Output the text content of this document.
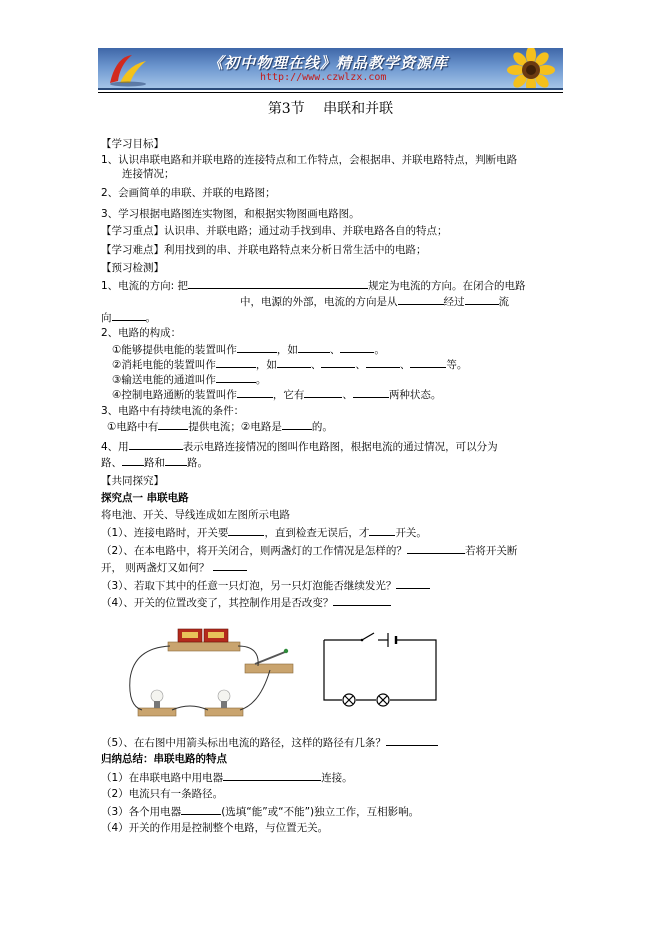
《初中物理在线》精品教学资源库
http://www.czwlzx.com
第3节　 串联和并联
【学习目标】
1、认识串联电路和并联电路的连接特点和工作特点，会根据串、并联电路特点，判断电路
连接情况；
2、会画简单的串联、并联的电路图；
3、学习根据电路图连实物图，和根据实物图画电路图。
【学习重点】认识串、并联电路；通过动手找到串、并联电路各自的特点；
【学习难点】利用找到的串、并联电路特点来分析日常生活中的电路；
【预习检测】
1、电流的方向: 把	规定为电流的方向。在闭合的电路
中，电源的外部，电流的方向是从	经过	流
向	。
2、电路的构成：
①能够提供电能的装置叫作	，如	、	。
②消耗电能的装置叫作	，如	、	、	、	等。
③输送电能的通道叫作	。
④控制电路通断的装置叫作	，它有	、	两种状态。
3、电路中有持续电流的条件：
①电路中有	提供电流；②电路是	的。
4、用	表示电路连接情况的图叫作电路图，根据电流的通过情况，可以分为
路、 路和 路。
【共同探究】
探究点一 串联电路
将电池、开关、导线连成如左图所示电路
（1）、连接电路时，开关要	，直到检查无误后，才 开关。
（2）、在本电路中，将开关闭合，则两盏灯的工作情况是怎样的？	若将开关断
开， 则两盏灯又如何？
（3）、若取下其中的任意一只灯泡，另一只灯泡能否继续发光？
（4）、开关的位置改变了，其控制作用是否改变？
（5）、在右图中用箭头标出电流的路径，这样的路径有几条？
归纳总结：串联电路的特点
（1）在串联电路中用电器	连接。
（2）电流只有一条路径。
（3）各个用电器	(选填“能”或“不能”)独立工作，互相影响。
（4）开关的作用是控制整个电路，与位置无关。
